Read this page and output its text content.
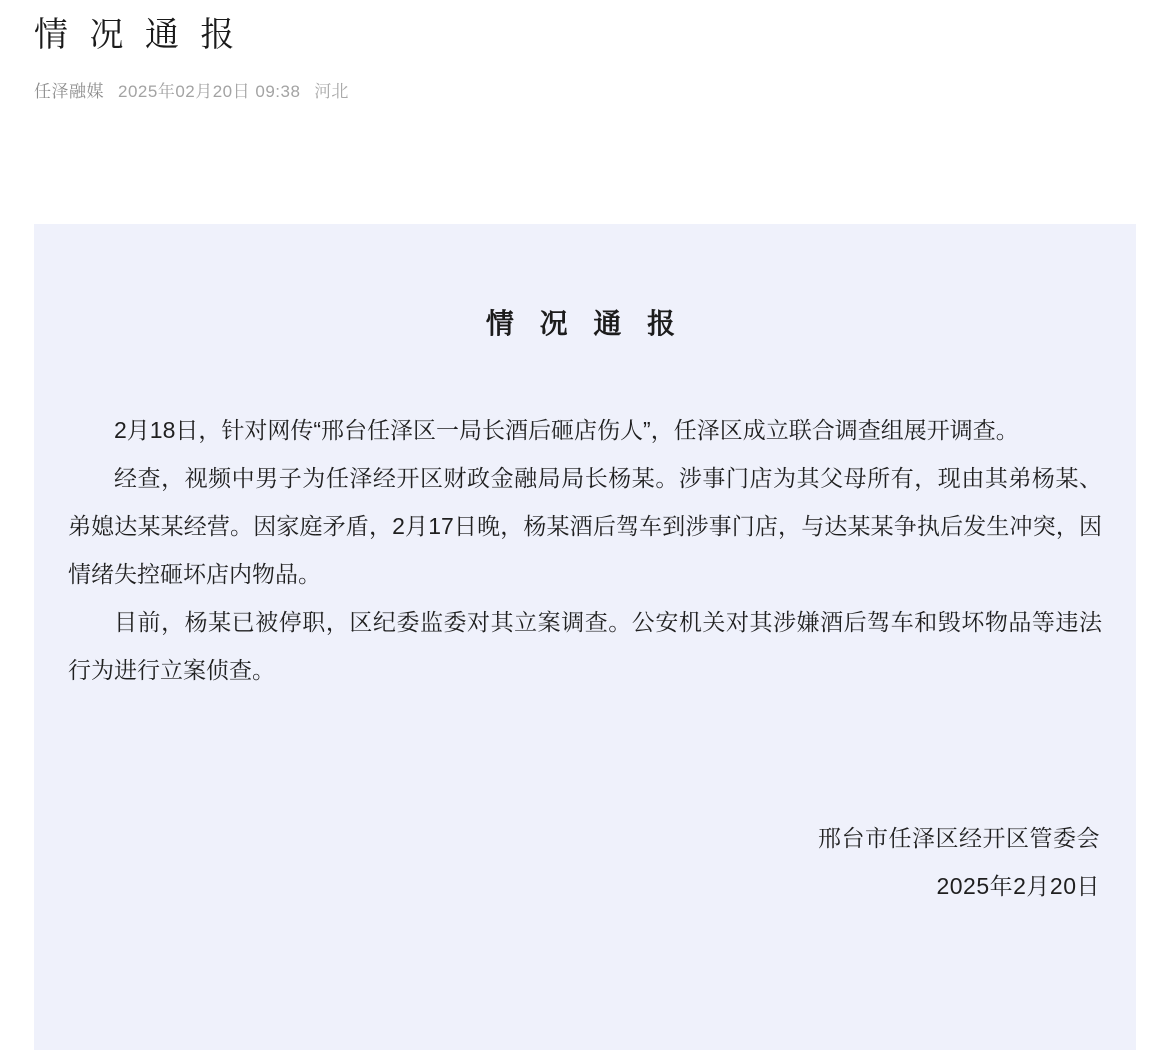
情 况 通 报
任泽融媒 2025年02月20日 09:38 河北
情 况 通 报

2月18日，针对网传“邢台任泽区一局长酒后砸店伤人”，任泽区成立联合调查组展开调查。

经查，视频中男子为任泽经开区财政金融局局长杨某。涉事门店为其父母所有，现由其弟杨某、弟媳达某某经营。因家庭矛盾，2月17日晚，杨某酒后驾车到涉事门店，与达某某争执后发生冲突，因情绪失控砸坏店内物品。

目前，杨某已被停职，区纪委监委对其立案调查。公安机关对其涉嫌酒后驾车和毁坏物品等违法行为进行立案侦查。

邢台市任泽区经开区管委会
2025年2月20日
